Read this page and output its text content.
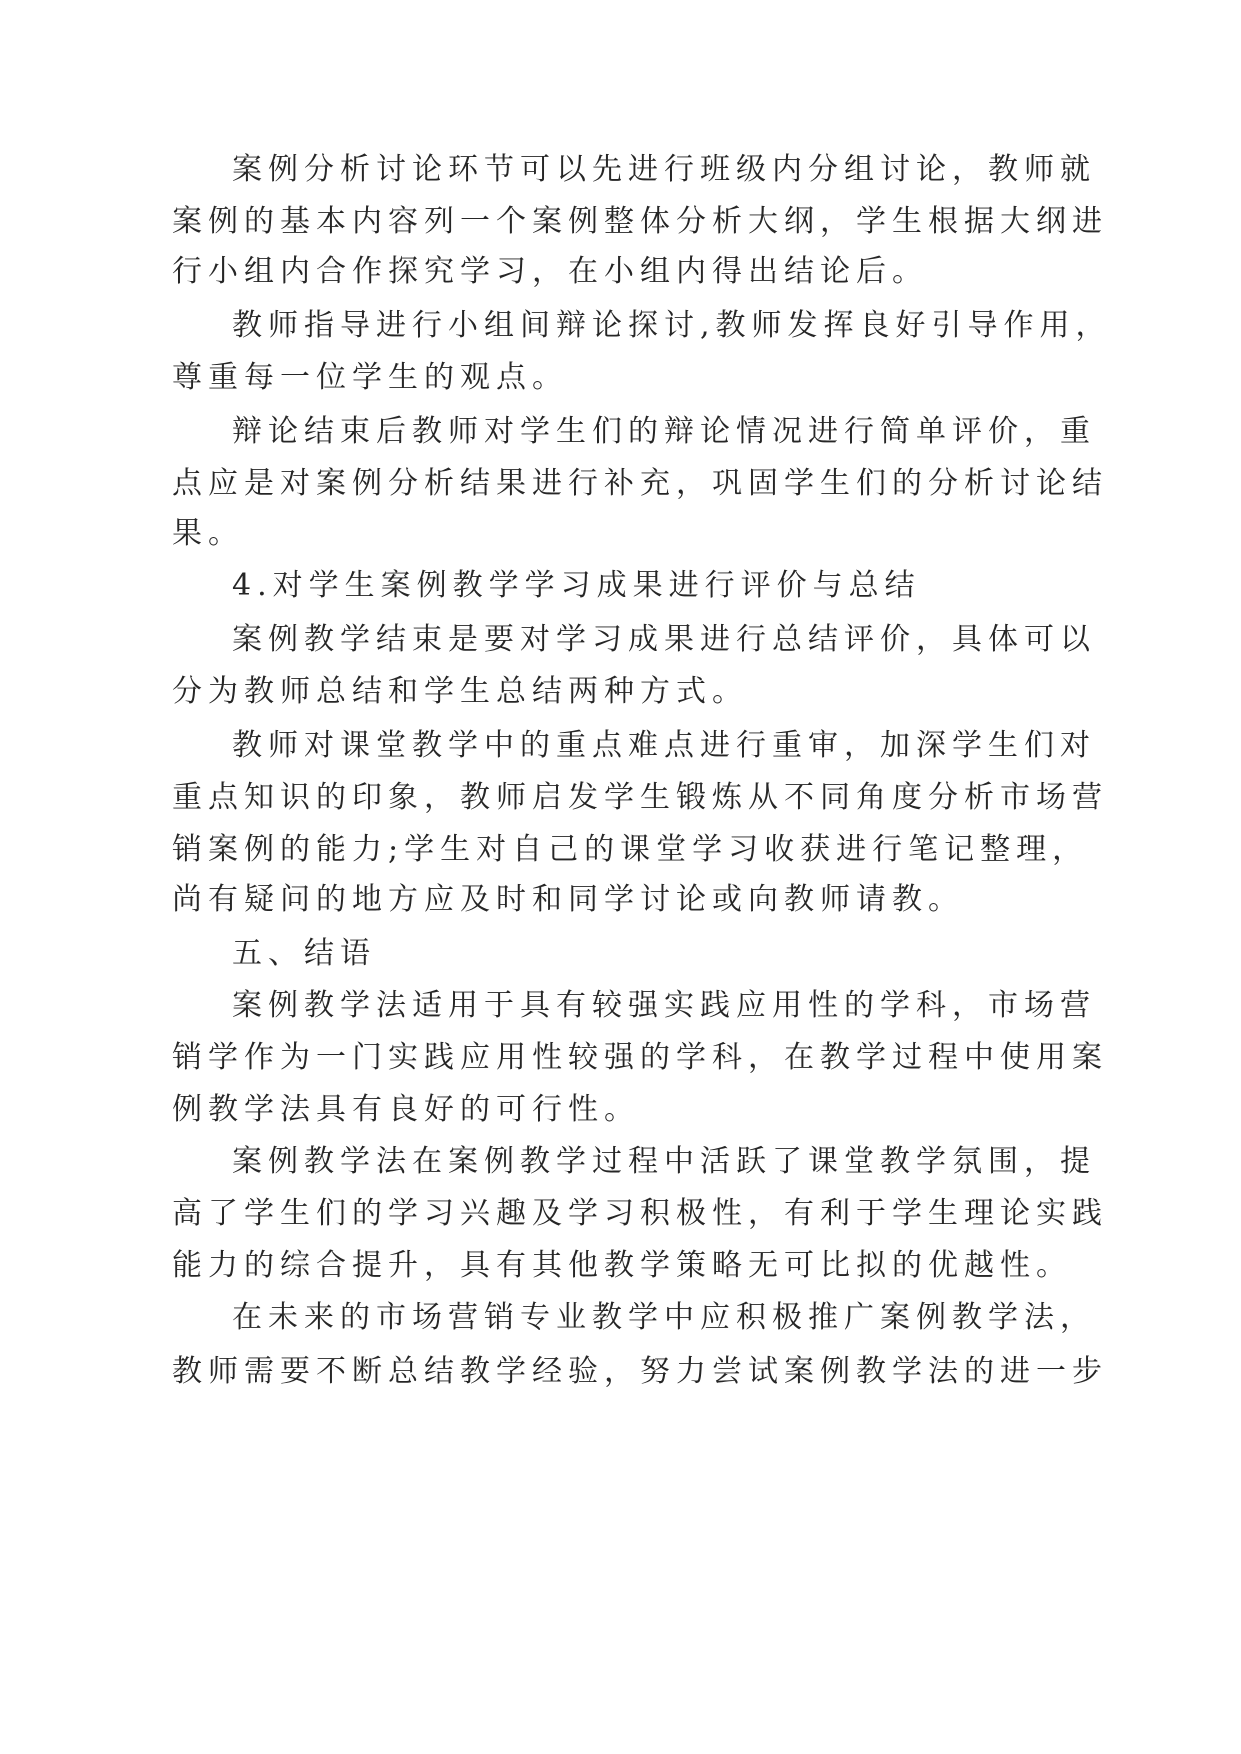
案例分析讨论环节可以先进行班级内分组讨论，教师就
案例的基本内容列一个案例整体分析大纲，学生根据大纲进
行小组内合作探究学习，在小组内得出结论后。
教师指导进行小组间辩论探讨,教师发挥良好引导作用，
尊重每一位学生的观点。
辩论结束后教师对学生们的辩论情况进行简单评价，重
点应是对案例分析结果进行补充，巩固学生们的分析讨论结
果。
4.对学生案例教学学习成果进行评价与总结
案例教学结束是要对学习成果进行总结评价，具体可以
分为教师总结和学生总结两种方式。
教师对课堂教学中的重点难点进行重审，加深学生们对
重点知识的印象，教师启发学生锻炼从不同角度分析市场营
销案例的能力;学生对自己的课堂学习收获进行笔记整理，
尚有疑问的地方应及时和同学讨论或向教师请教。
五、结语
案例教学法适用于具有较强实践应用性的学科，市场营
销学作为一门实践应用性较强的学科，在教学过程中使用案
例教学法具有良好的可行性。
案例教学法在案例教学过程中活跃了课堂教学氛围，提
高了学生们的学习兴趣及学习积极性，有利于学生理论实践
能力的综合提升，具有其他教学策略无可比拟的优越性。
在未来的市场营销专业教学中应积极推广案例教学法，
教师需要不断总结教学经验，努力尝试案例教学法的进一步
